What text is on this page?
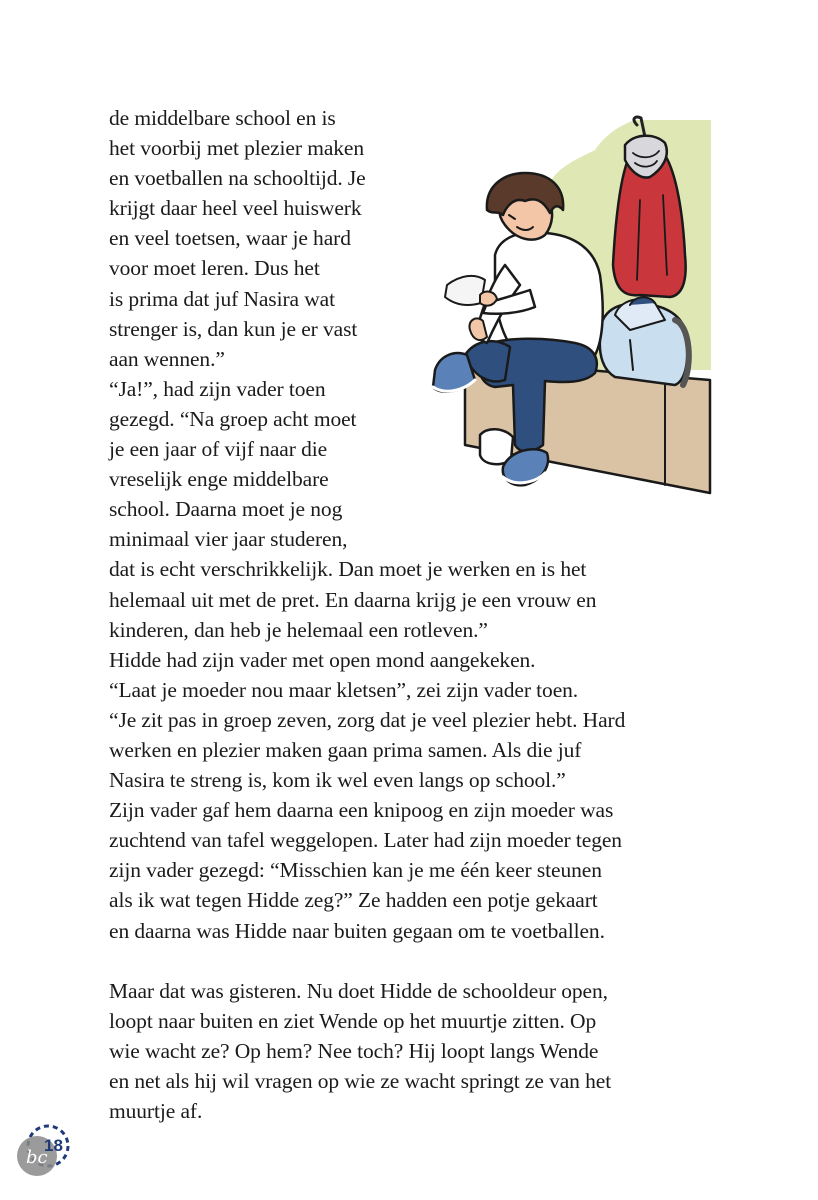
de middelbare school en is
het voorbij met plezier maken
en voetballen na schooltijd. Je
krijgt daar heel veel huiswerk
en veel toetsen, waar je hard
voor moet leren. Dus het
is prima dat juf Nasira wat
strenger is, dan kun je er vast
aan wennen.”
“Ja!”, had zijn vader toen
gezegd. “Na groep acht moet
je een jaar of vijf naar die
vreselijk enge middelbare
school. Daarna moet je nog
minimaal vier jaar studeren,
dat is echt verschrikkelijk. Dan moet je werken en is het
helemaal uit met de pret. En daarna krijg je een vrouw en
kinderen, dan heb je helemaal een rotleven.”
Hidde had zijn vader met open mond aangekeken.
“Laat je moeder nou maar kletsen”, zei zijn vader toen.
“Je zit pas in groep zeven, zorg dat je veel plezier hebt. Hard
werken en plezier maken gaan prima samen. Als die juf
Nasira te streng is, kom ik wel even langs op school.”
Zijn vader gaf hem daarna een knipoog en zijn moeder was
zuchtend van tafel weggelopen. Later had zijn moeder tegen
zijn vader gezegd: “Misschien kan je me één keer steunen
als ik wat tegen Hidde zeg?” Ze hadden een potje gekaart
en daarna was Hidde naar buiten gegaan om te voetballen.
Maar dat was gisteren. Nu doet Hidde de schooldeur open,
loopt naar buiten en ziet Wende op het muurtje zitten. Op
wie wacht ze? Op hem? Nee toch? Hij loopt langs Wende
en net als hij wil vragen op wie ze wacht springt ze van het
muurtje af.
bc
18
